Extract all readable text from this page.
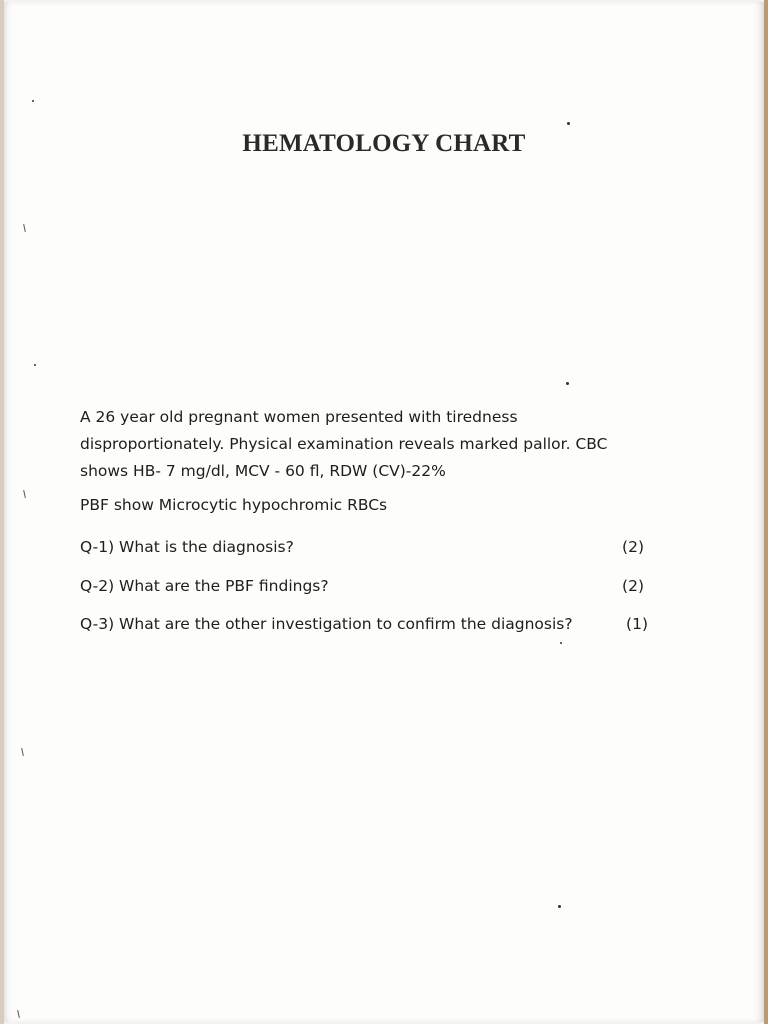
HEMATOLOGY CHART
A 26 year old pregnant women presented with tiredness
disproportionately. Physical examination reveals marked pallor. CBC
shows HB- 7 mg/dl, MCV - 60 fl, RDW (CV)-22%
PBF show Microcytic hypochromic RBCs
Q-1) What is the diagnosis?	(2)
Q-2) What are the PBF findings?	(2)
Q-3) What are the other investigation to confirm the diagnosis?	(1)
